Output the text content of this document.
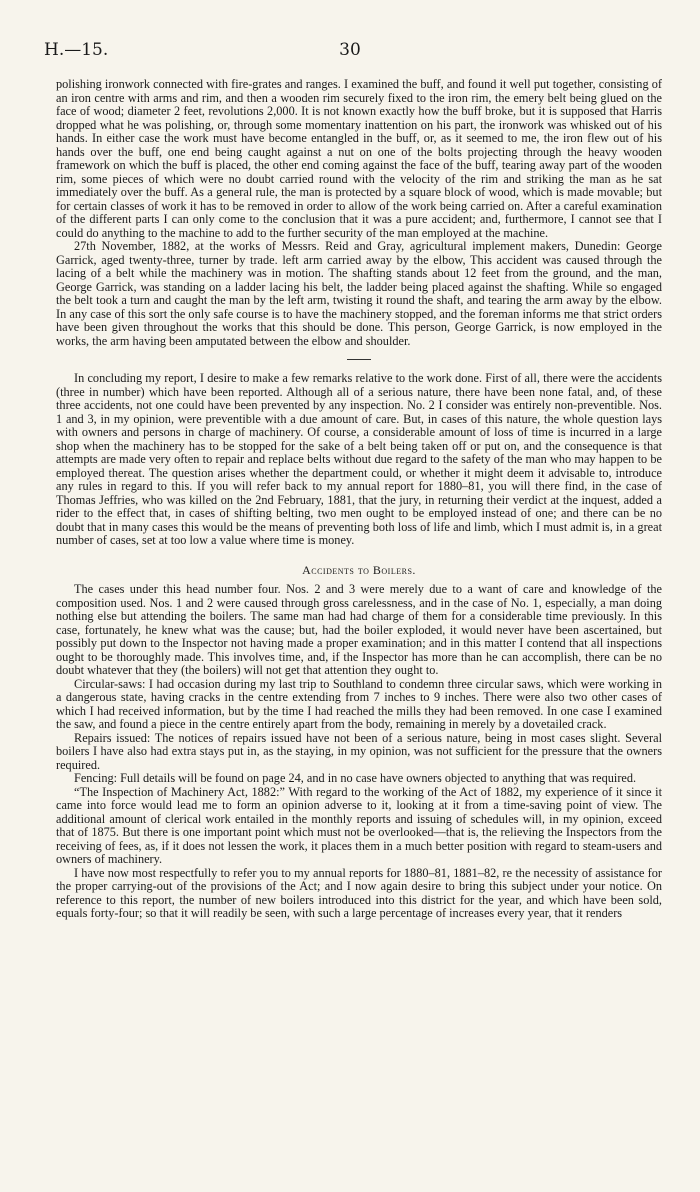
H.—15.	30

polishing ironwork connected with fire-grates and ranges. I examined the buff, and found it well put together, consisting of an iron centre with arms and rim, and then a wooden rim securely fixed to the iron rim, the emery belt being glued on the face of wood; diameter 2 feet, revolutions 2,000. It is not known exactly how the buff broke, but it is supposed that Harris dropped what he was polishing, or, through some momentary inattention on his part, the ironwork was whisked out of his hands. In either case the work must have become entangled in the buff, or, as it seemed to me, the iron flew out of his hands over the buff, one end being caught against a nut on one of the bolts projecting through the heavy wooden framework on which the buff is placed, the other end coming against the face of the buff, tearing away part of the wooden rim, some pieces of which were no doubt carried round with the velocity of the rim and striking the man as he sat immediately over the buff. As a general rule, the man is protected by a square block of wood, which is made movable; but for certain classes of work it has to be removed in order to allow of the work being carried on. After a careful examination of the different parts I can only come to the conclusion that it was a pure accident; and, furthermore, I cannot see that I could do anything to the machine to add to the further security of the man employed at the machine.

27th November, 1882, at the works of Messrs. Reid and Gray, agricultural implement makers, Dunedin: George Garrick, aged twenty-three, turner by trade. left arm carried away by the elbow, This accident was caused through the lacing of a belt while the machinery was in motion. The shafting stands about 12 feet from the ground, and the man, George Garrick, was standing on a ladder lacing his belt, the ladder being placed against the shafting. While so engaged the belt took a turn and caught the man by the left arm, twisting it round the shaft, and tearing the arm away by the elbow. In any case of this sort the only safe course is to have the machinery stopped, and the foreman informs me that strict orders have been given throughout the works that this should be done. This person, George Garrick, is now employed in the works, the arm having been amputated between the elbow and shoulder.

In concluding my report, I desire to make a few remarks relative to the work done. First of all, there were the accidents (three in number) which have been reported. Although all of a serious nature, there have been none fatal, and, of these three accidents, not one could have been prevented by any inspection. No. 2 I consider was entirely non-preventible. Nos. 1 and 3, in my opinion, were preventible with a due amount of care. But, in cases of this nature, the whole question lays with owners and persons in charge of machinery. Of course, a considerable amount of loss of time is incurred in a large shop when the machinery has to be stopped for the sake of a belt being taken off or put on, and the consequence is that attempts are made very often to repair and replace belts without due regard to the safety of the man who may happen to be employed thereat. The question arises whether the department could, or whether it might deem it advisable to, introduce any rules in regard to this. If you will refer back to my annual report for 1880–81, you will there find, in the case of Thomas Jeffries, who was killed on the 2nd February, 1881, that the jury, in returning their verdict at the inquest, added a rider to the effect that, in cases of shifting belting, two men ought to be employed instead of one; and there can be no doubt that in many cases this would be the means of preventing both loss of life and limb, which I must admit is, in a great number of cases, set at too low a value where time is money.

Accidents to Boilers.

The cases under this head number four. Nos. 2 and 3 were merely due to a want of care and knowledge of the composition used. Nos. 1 and 2 were caused through gross carelessness, and in the case of No. 1, especially, a man doing nothing else but attending the boilers. The same man had had charge of them for a considerable time previously. In this case, fortunately, he knew what was the cause; but, had the boiler exploded, it would never have been ascertained, but possibly put down to the Inspector not having made a proper examination; and in this matter I contend that all inspections ought to be thoroughly made. This involves time, and, if the Inspector has more than he can accomplish, there can be no doubt whatever that they (the boilers) will not get that attention they ought to.

Circular-saws: I had occasion during my last trip to Southland to condemn three circular saws, which were working in a dangerous state, having cracks in the centre extending from 7 inches to 9 inches. There were also two other cases of which I had received information, but by the time I had reached the mills they had been removed. In one case I examined the saw, and found a piece in the centre entirely apart from the body, remaining in merely by a dovetailed crack.

Repairs issued: The notices of repairs issued have not been of a serious nature, being in most cases slight. Several boilers I have also had extra stays put in, as the staying, in my opinion, was not sufficient for the pressure that the owners required.

Fencing: Full details will be found on page 24, and in no case have owners objected to anything that was required.

“The Inspection of Machinery Act, 1882:” With regard to the working of the Act of 1882, my experience of it since it came into force would lead me to form an opinion adverse to it, looking at it from a time-saving point of view. The additional amount of clerical work entailed in the monthly reports and issuing of schedules will, in my opinion, exceed that of 1875. But there is one important point which must not be overlooked—that is, the relieving the Inspectors from the receiving of fees, as, if it does not lessen the work, it places them in a much better position with regard to steam-users and owners of machinery.

I have now most respectfully to refer you to my annual reports for 1880–81, 1881–82, re the necessity of assistance for the proper carrying-out of the provisions of the Act; and I now again desire to bring this subject under your notice. On reference to this report, the number of new boilers introduced into this district for the year, and which have been sold, equals forty-four; so that it will readily be seen, with such a large percentage of increases every year, that it renders
